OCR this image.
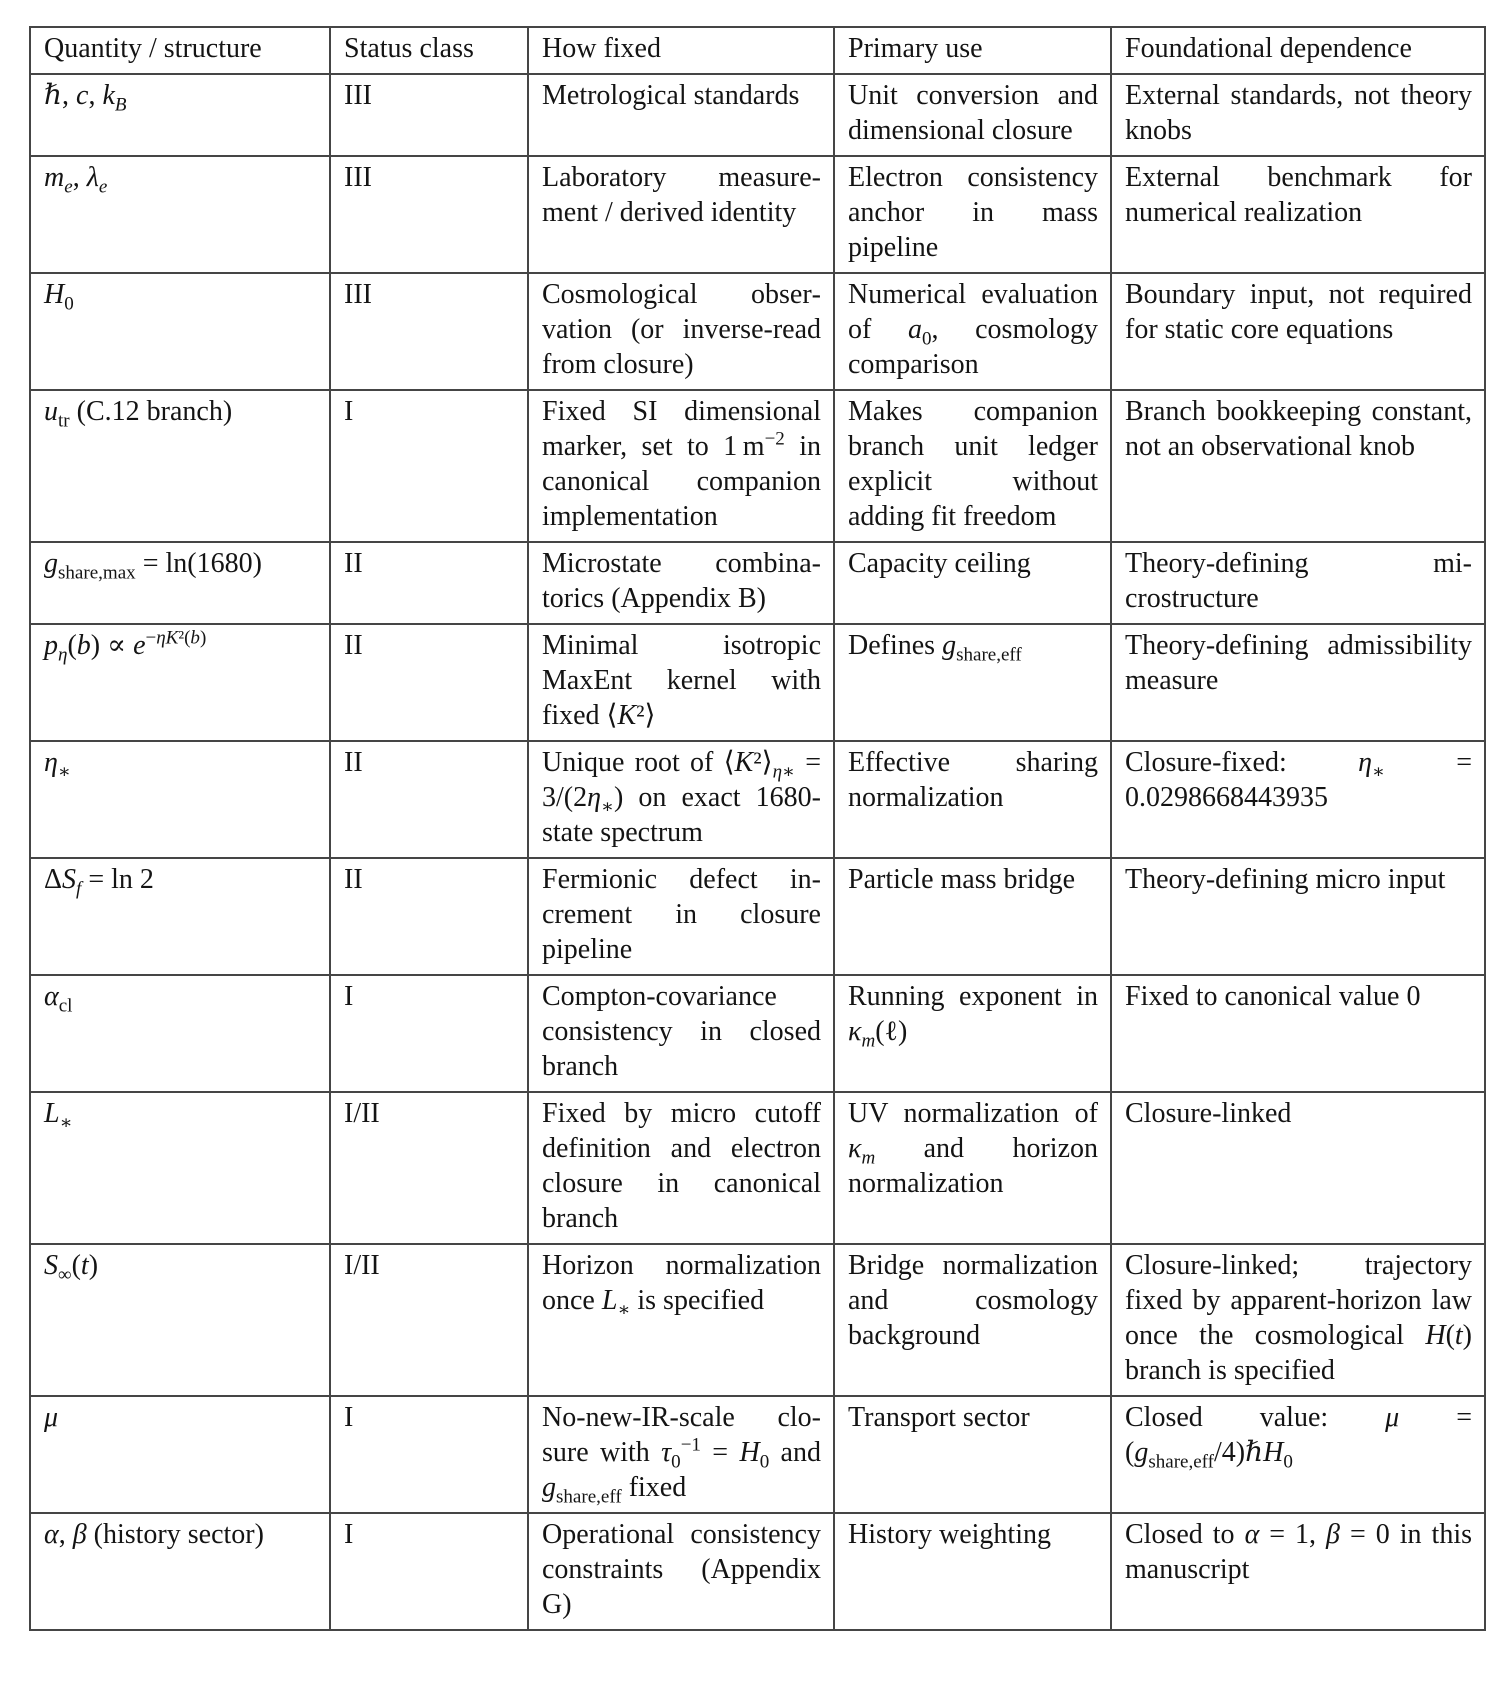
Quantity / structure	Status class	How fixed	Primary use	Foundational dependence
ℏ, c, $k_B$	III	Metrological standards	Unit conversion and dimensional closure	External standards, not theory knobs
$m_e$, $\lambda_e$	III	Laboratory measurement / derived identity	Electron consistency anchor in mass pipeline	External benchmark for numerical realization
$H_0$	III	Cosmological observation (or inverse-read from closure)	Numerical evaluation of $a_0$, cosmology comparison	Boundary input, not required for static core equations
$u_{tr}$ (C.12 branch)	I	Fixed SI dimensional marker, set to 1 $m^{-2}$ in canonical companion implementation	Makes companion branch unit ledger explicit without adding fit freedom	Branch bookkeeping constant, not an observational knob
$g_{share,max} = \ln(1680)$	II	Microstate combinatorics (Appendix B)	Capacity ceiling	Theory-defining microstructure
$p_\eta(b) \propto e^{-\eta K^2(b)}$	II	Minimal isotropic MaxEnt kernel with fixed ⟨K²⟩	Defines $g_{share,eff}$	Theory-defining admissibility measure
$\eta_∗$	II	Unique root of $⟨K^2⟩_{\eta∗} = 3/(2\eta_∗)$ on exact 1680-state spectrum	Effective sharing normalization	Closure-fixed: $\eta_∗ = 0.0298668443935$
$\Delta S_f = \ln 2$	II	Fermionic defect increment in closure pipeline	Particle mass bridge	Theory-defining micro input
$\alpha_{cl}$	I	Compton-covariance consistency in closed branch	Running exponent in $\kappa_m(\ell)$	Fixed to canonical value 0
$L_∗$	I/II	Fixed by micro cutoff definition and electron closure in canonical branch	UV normalization of $\kappa_m$ and horizon normalization	Closure-linked
$S_\infty(t)$	I/II	Horizon normalization once $L_∗$ is specified	Bridge normalization and cosmology background	Closure-linked; trajectory fixed by apparent-horizon law once the cosmological H(t) branch is specified
μ	I	No-new-IR-scale closure with $\tau_0^{-1} = H_0$ and $g_{share,eff}$ fixed	Transport sector	Closed value: $\mu = (g_{share,eff}/4)\hbar H_0$
α, β (history sector)	I	Operational consistency constraints (Appendix G)	History weighting	Closed to α = 1, β = 0 in this manuscript
